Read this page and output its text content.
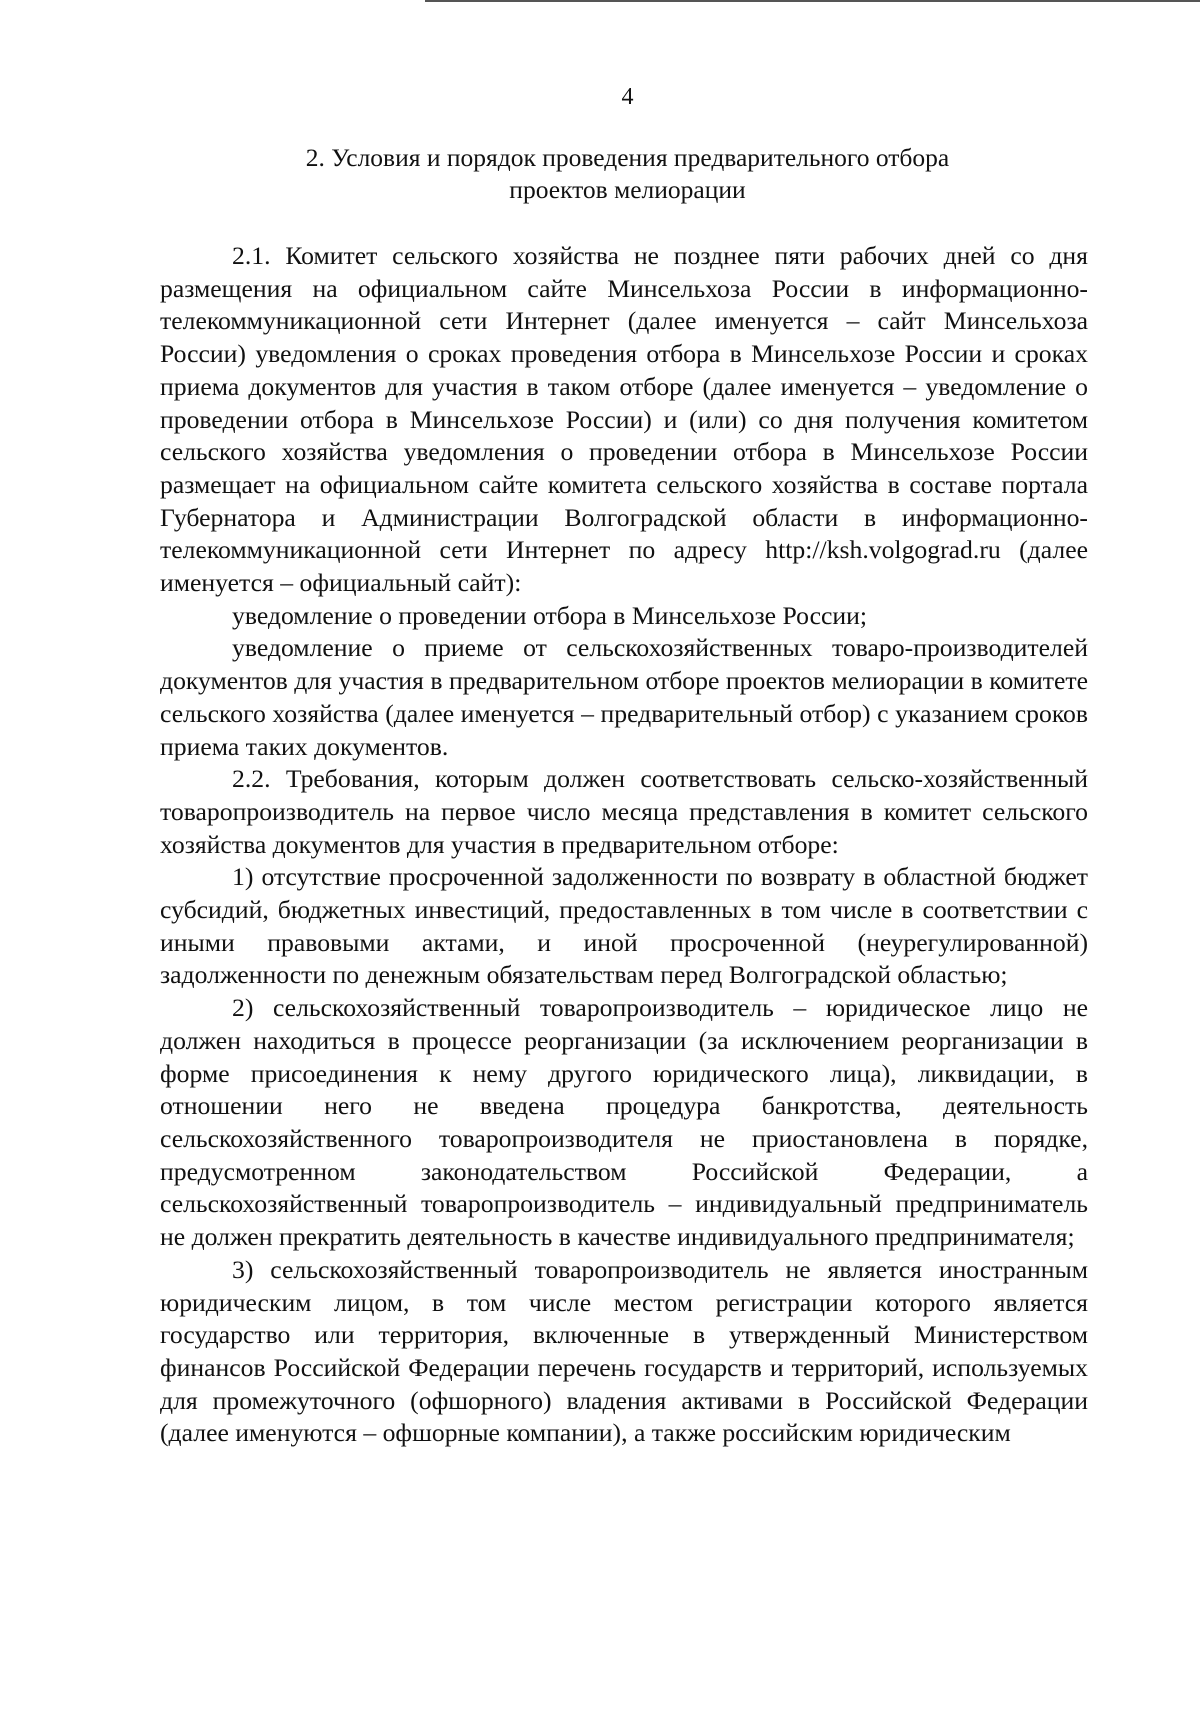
4
2. Условия и порядок проведения предварительного отбора
проектов мелиорации

2.1. Комитет сельского хозяйства не позднее пяти рабочих дней со дня размещения на официальном сайте Минсельхоза России в информационно-телекоммуникационной сети Интернет (далее именуется – сайт Минсельхоза России) уведомления о сроках проведения отбора в Минсельхозе России и сроках приема документов для участия в таком отборе (далее именуется – уведомление о проведении отбора в Минсельхозе России) и (или) со дня получения комитетом сельского хозяйства уведомления о проведении отбора в Минсельхозе России размещает на официальном сайте комитета сельского хозяйства в составе портала Губернатора и Администрации Волгоградской области в информационно-телекоммуникационной сети Интернет по адресу http://ksh.volgograd.ru (далее именуется – официальный сайт):

уведомление о проведении отбора в Минсельхозе России;

уведомление о приеме от сельскохозяйственных товаро-производителей документов для участия в предварительном отборе проектов мелиорации в комитете сельского хозяйства (далее именуется – предварительный отбор) с указанием сроков приема таких документов.

2.2. Требования, которым должен соответствовать сельско-хозяйственный товаропроизводитель на первое число месяца представления в комитет сельского хозяйства документов для участия в предварительном отборе:

1) отсутствие просроченной задолженности по возврату в областной бюджет субсидий, бюджетных инвестиций, предоставленных в том числе в соответствии с иными правовыми актами, и иной просроченной (неурегулированной) задолженности по денежным обязательствам перед Волгоградской областью;

2) сельскохозяйственный товаропроизводитель – юридическое лицо не должен находиться в процессе реорганизации (за исключением реорганизации в форме присоединения к нему другого юридического лица), ликвидации, в отношении него не введена процедура банкротства, деятельность сельскохозяйственного товаропроизводителя не приостановлена в порядке, предусмотренном законодательством Российской Федерации, а сельскохозяйственный товаропроизводитель – индивидуальный предприниматель не должен прекратить деятельность в качестве индивидуального предпринимателя;

3) сельскохозяйственный товаропроизводитель не является иностранным юридическим лицом, в том числе местом регистрации которого является государство или территория, включенные в утвержденный Министерством финансов Российской Федерации перечень государств и территорий, используемых для промежуточного (офшорного) владения активами в Российской Федерации (далее именуются – офшорные компании), а также российским юридическим
